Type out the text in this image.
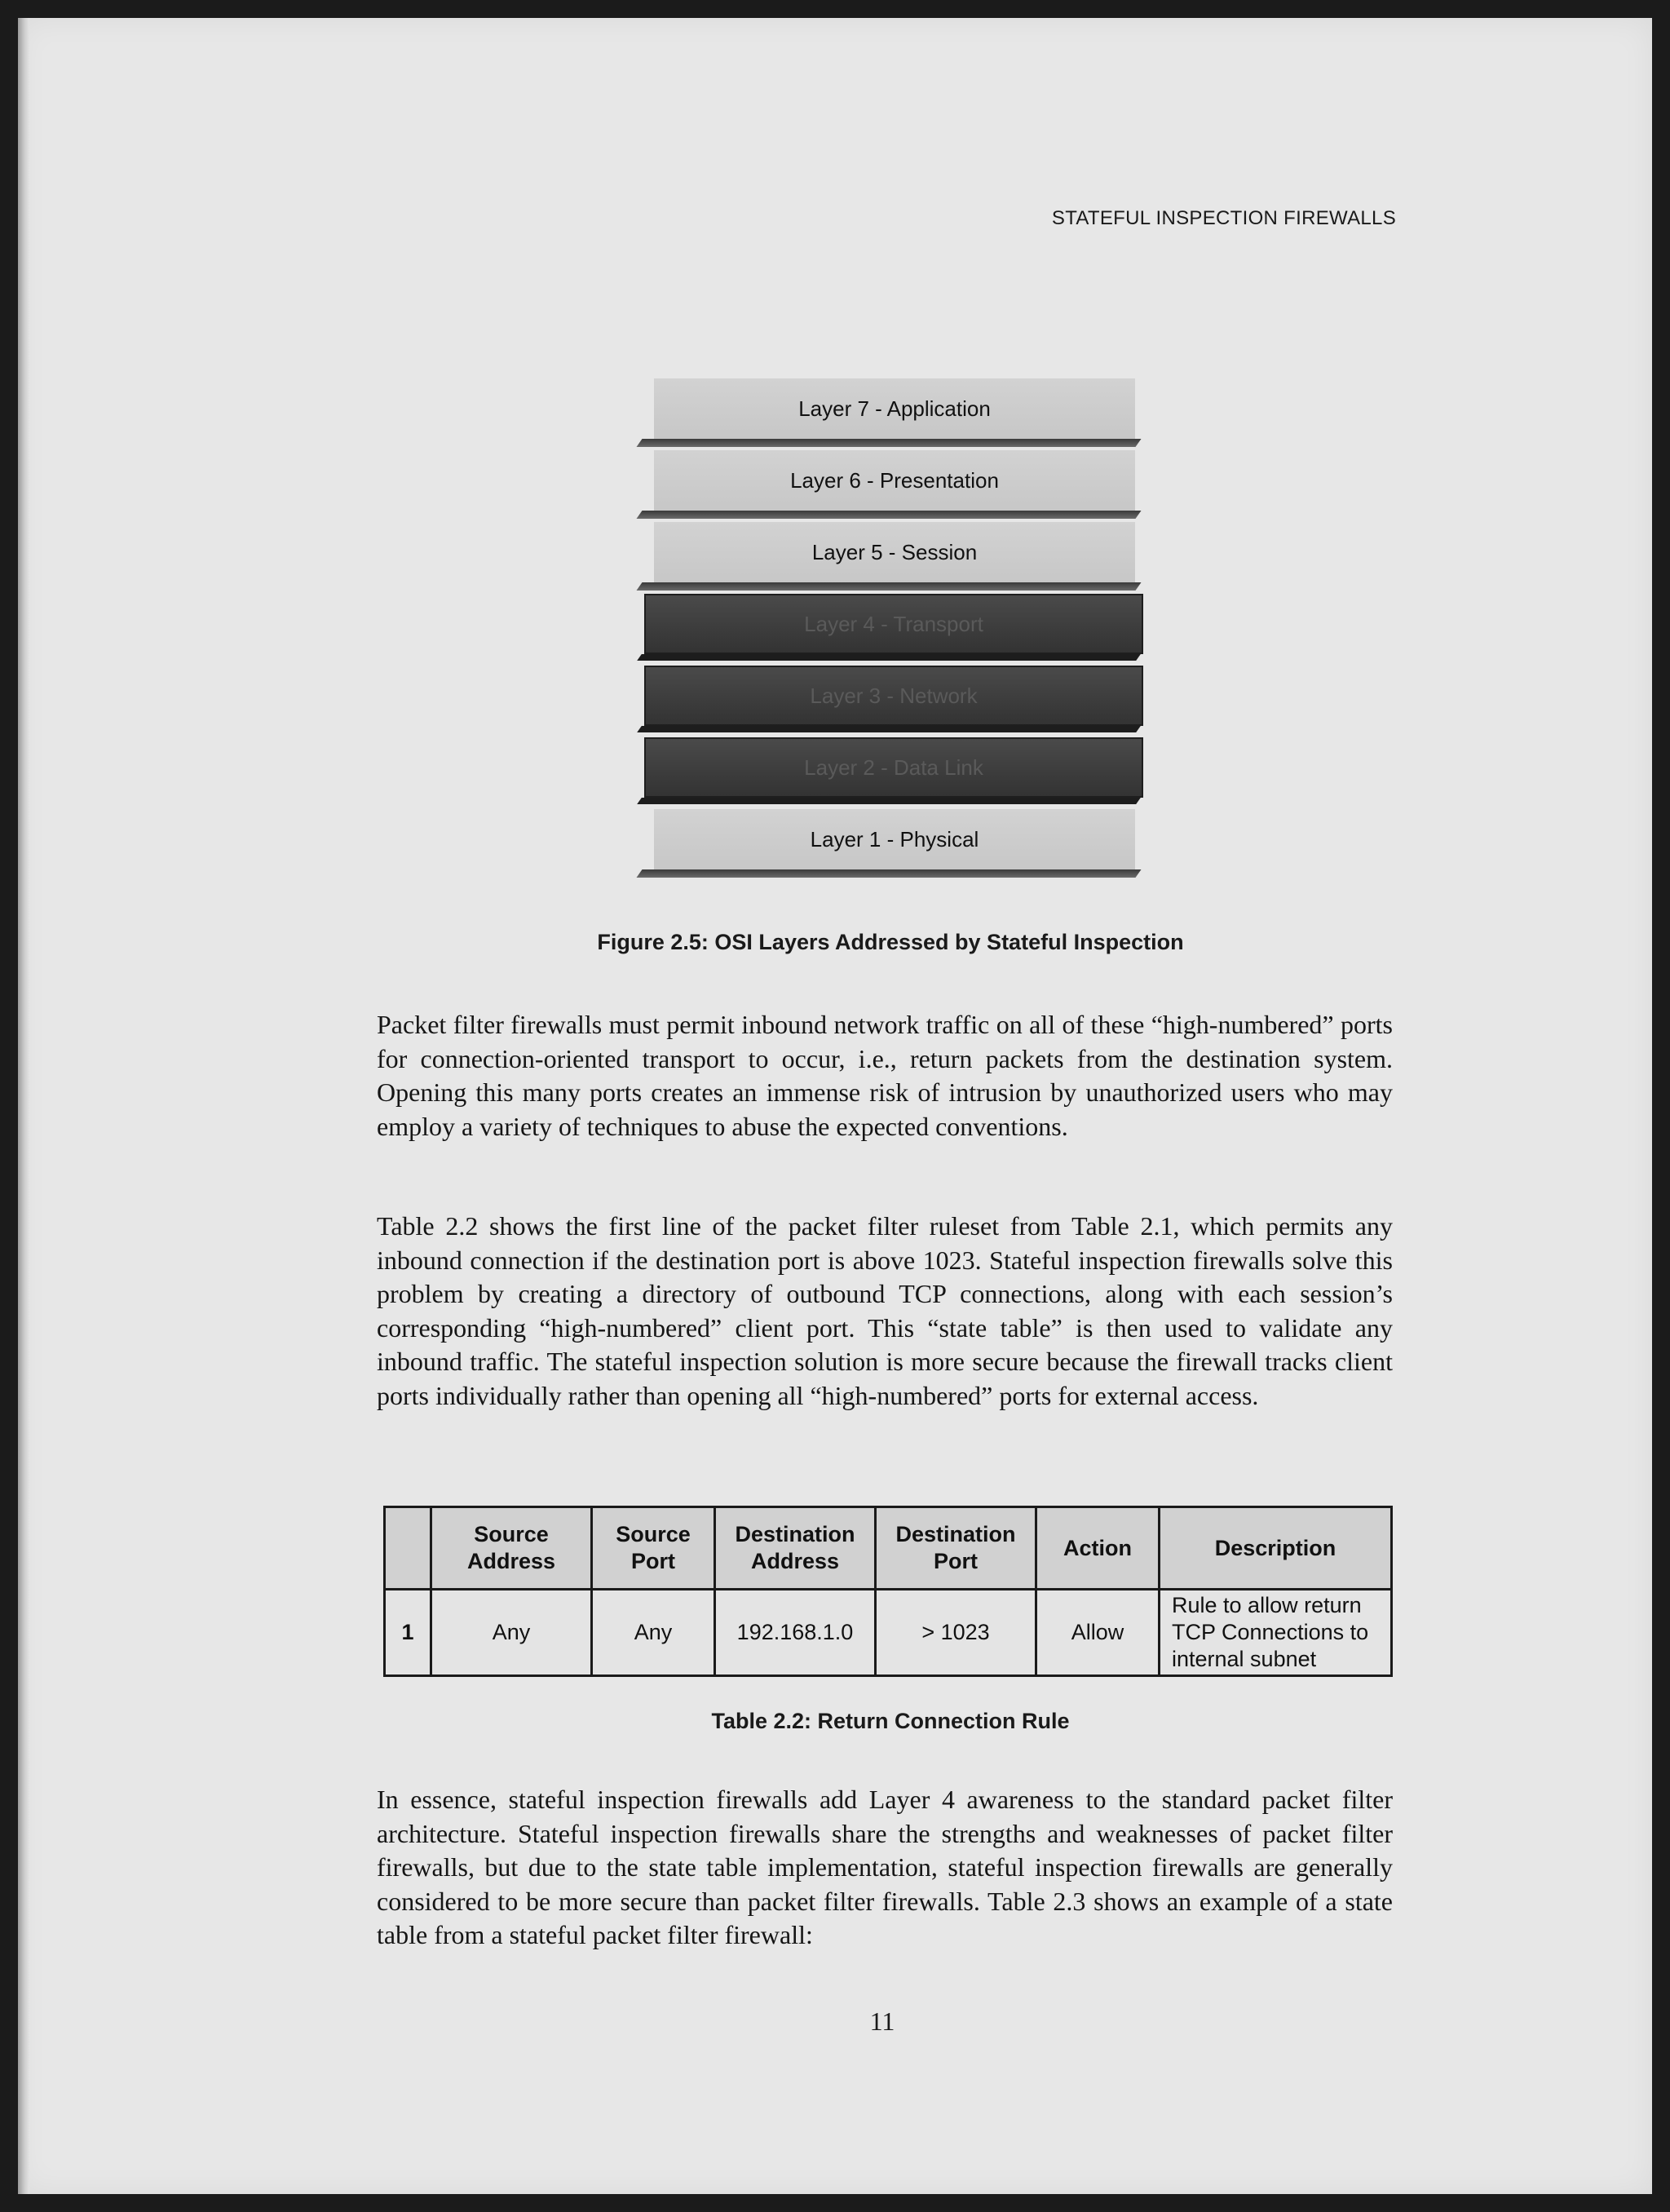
STATEFUL INSPECTION FIREWALLS
Layer 7 - Application
Layer 6 - Presentation
Layer 5 - Session
Layer 4 - Transport
Layer 3 - Network
Layer 2 - Data Link
Layer 1 - Physical
Figure 2.5: OSI Layers Addressed by Stateful Inspection

Packet filter firewalls must permit inbound network traffic on all of these “high-numbered” ports for connection-oriented transport to occur, i.e., return packets from the destination system. Opening this many ports creates an immense risk of intrusion by unauthorized users who may employ a variety of techniques to abuse the expected conventions.

Table 2.2 shows the first line of the packet filter ruleset from Table 2.1, which permits any inbound connection if the destination port is above 1023. Stateful inspection firewalls solve this problem by creating a directory of outbound TCP connections, along with each session’s corresponding “high-numbered” client port. This “state table” is then used to validate any inbound traffic. The stateful inspection solution is more secure because the firewall tracks client ports individually rather than opening all “high-numbered” ports for external access.

	Source Address	Source Port	Destination Address	Destination Port	Action	Description
1	Any	Any	192.168.1.0	> 1023	Allow	Rule to allow return TCP Connections to internal subnet
Table 2.2: Return Connection Rule

In essence, stateful inspection firewalls add Layer 4 awareness to the standard packet filter architecture. Stateful inspection firewalls share the strengths and weaknesses of packet filter firewalls, but due to the state table implementation, stateful inspection firewalls are generally considered to be more secure than packet filter firewalls. Table 2.3 shows an example of a state table from a stateful packet filter firewall:

11
